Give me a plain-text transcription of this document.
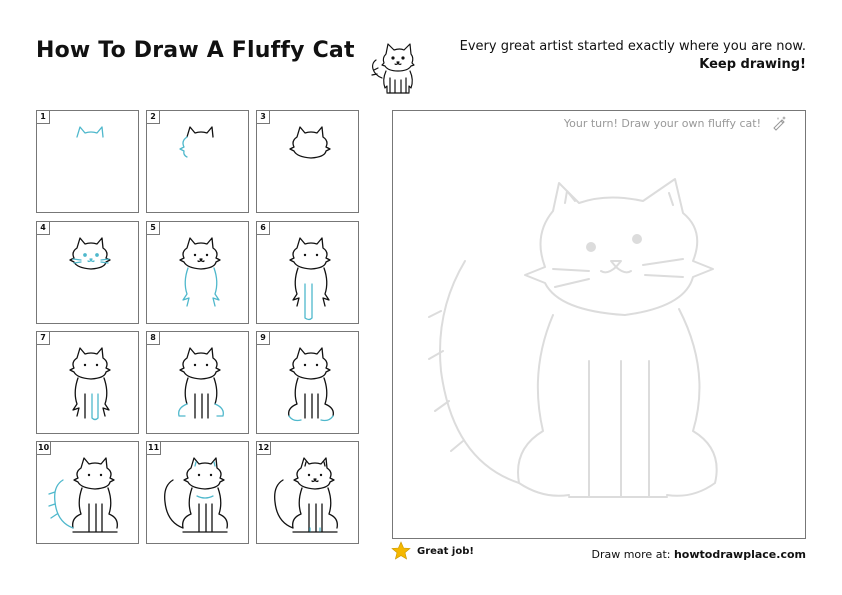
How To Draw A Fluffy Cat	Every great artist started exactly where you are now.
Keep drawing!
1	2	3
4	5	6
7	8	9
10	11	12
Your turn! Draw your own fluffy cat!
Great job!	Draw more at: howtodrawplace.com
